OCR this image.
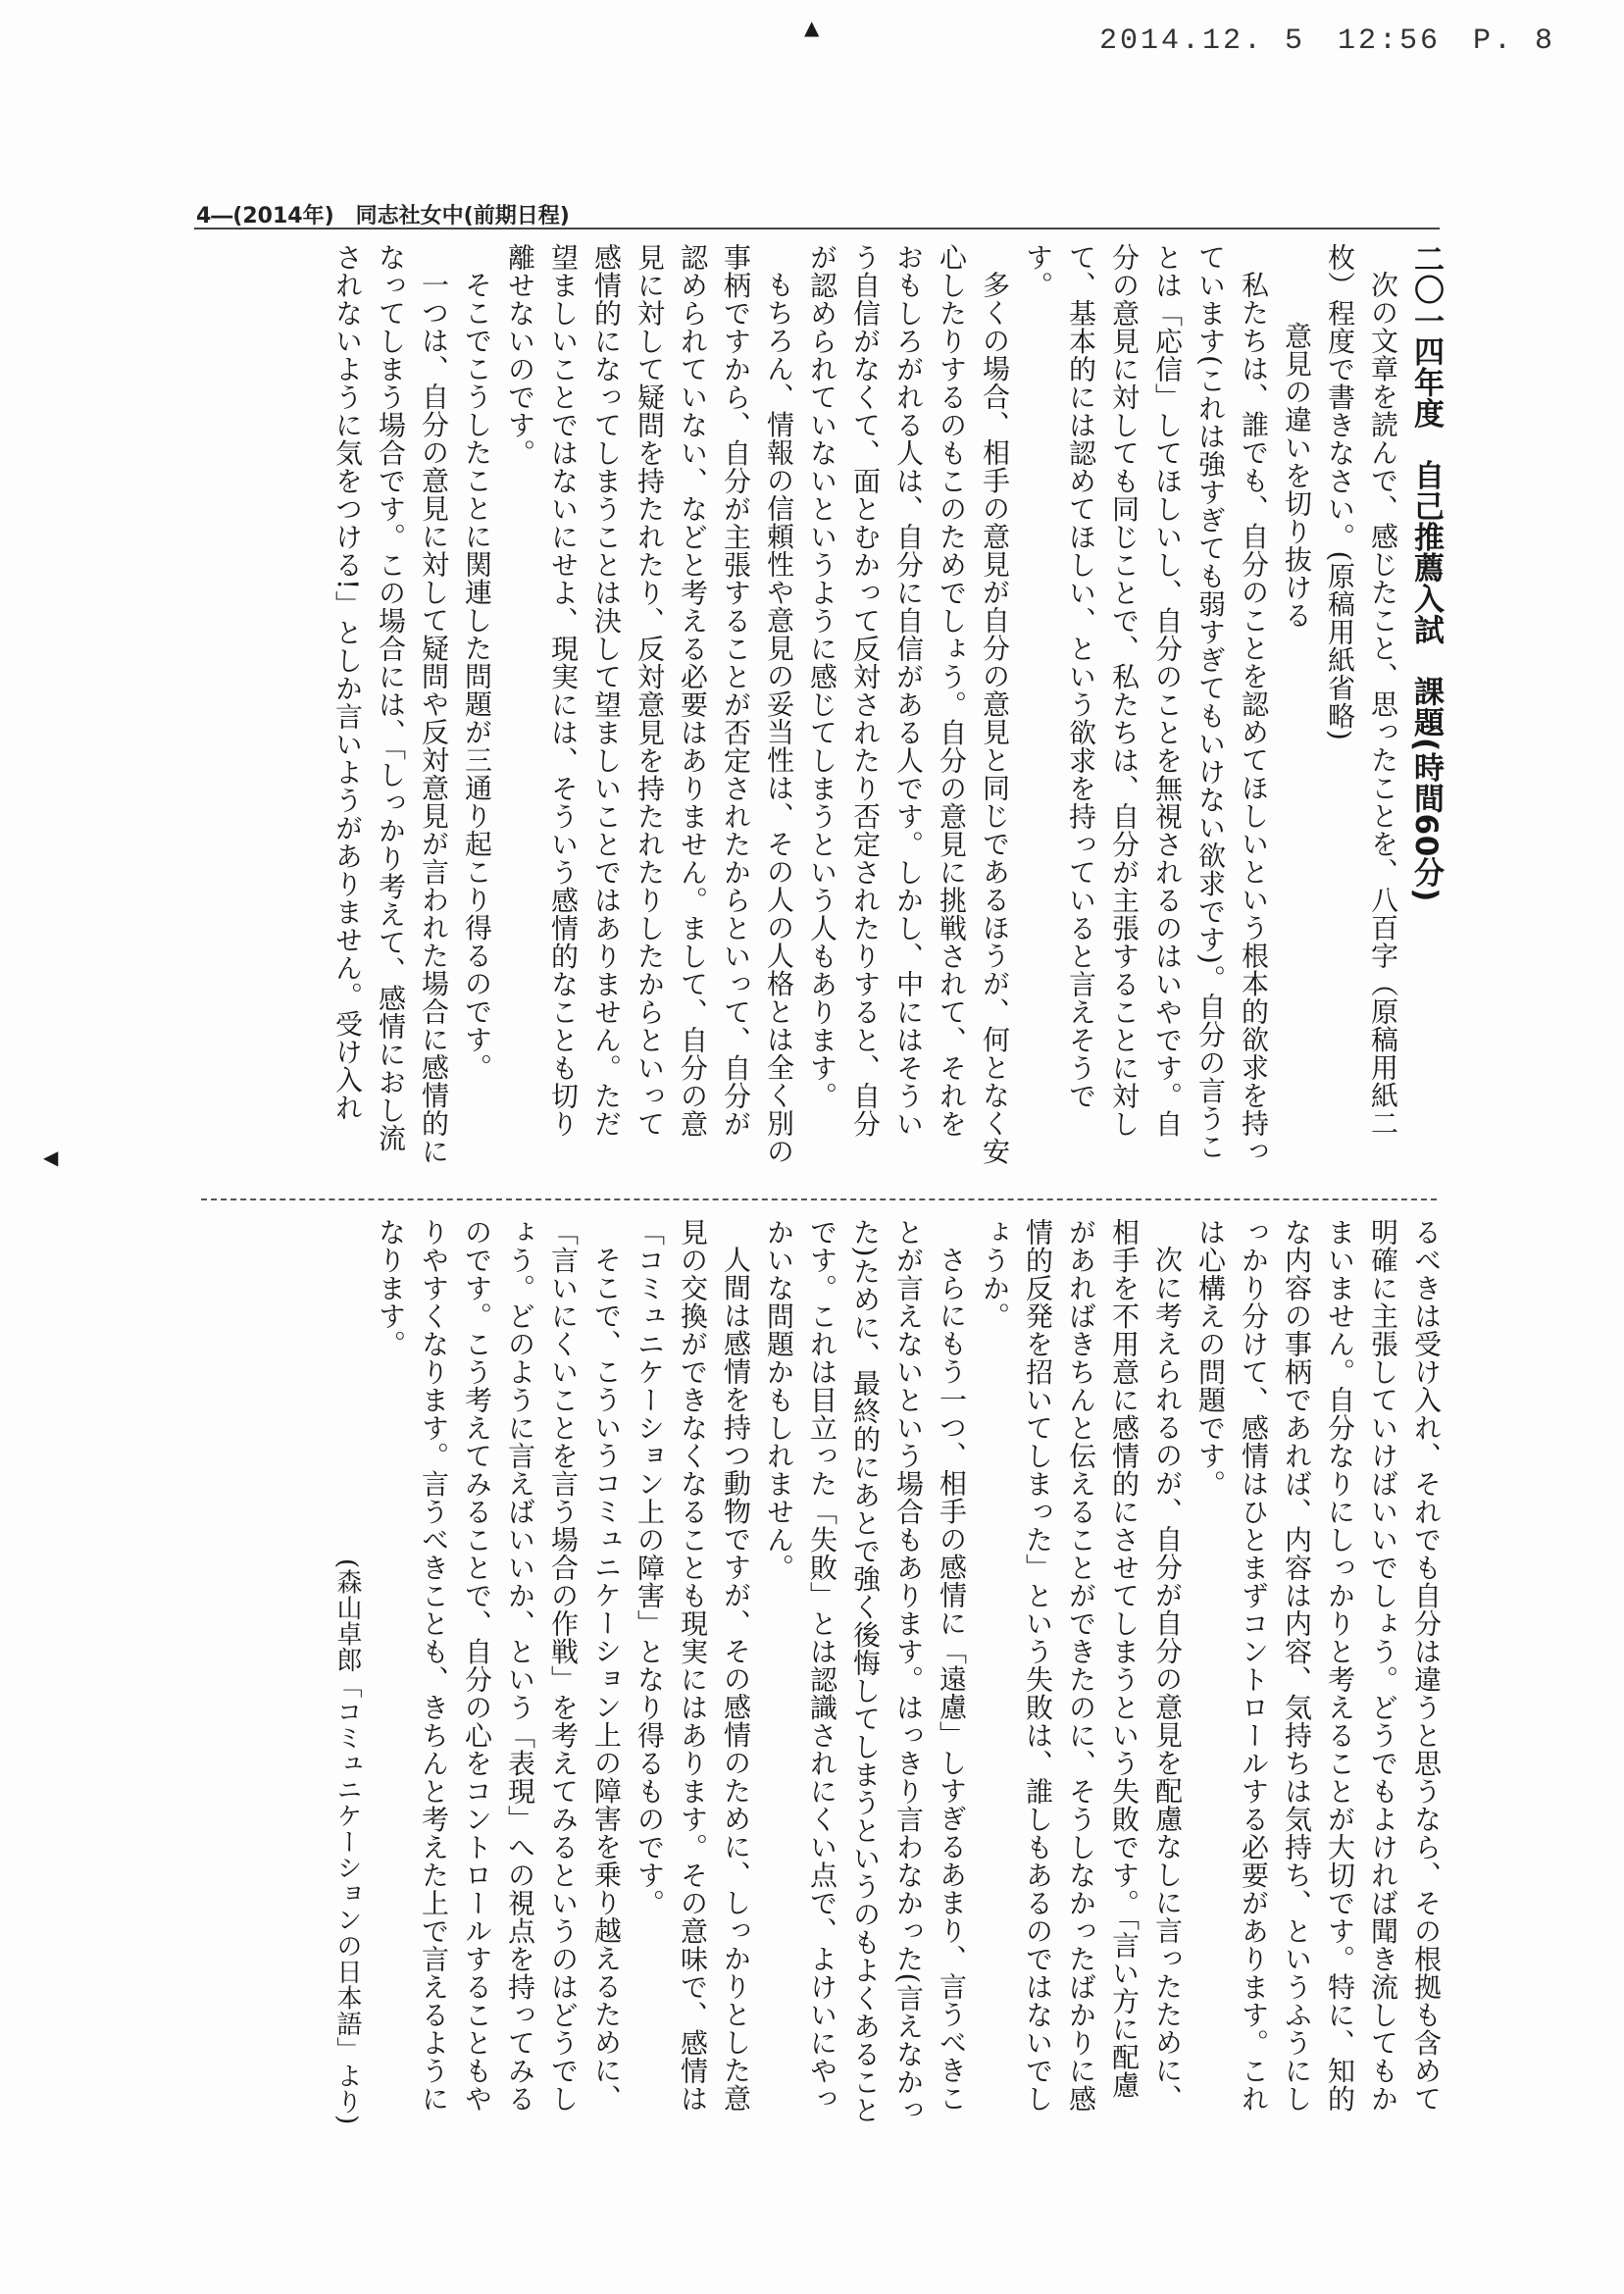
2014.12. 5　12:56　P. 8
▲
◀
4―(2014年)　同志社女中(前期日程)
二〇一四年度　自己推薦入試　課題(時間60分)
次の文章を読んで、感じたこと、思ったことを、八百字（原稿用紙二
枚）程度で書きなさい。(原稿用紙省略)
意見の違いを切り抜ける
私たちは、誰でも、自分のことを認めてほしいという根本的欲求を持っています(これは強すぎても弱すぎてもいけない欲求です)。自分の言うことは「応信」してほしいし、自分のことを無視されるのはいやです。自分の意見に対しても同じことで、私たちは、自分が主張することに対して、基本的には認めてほしい、という欲求を持っていると言えそうです。
多くの場合、相手の意見が自分の意見と同じであるほうが、何となく安心したりするのもこのためでしょう。自分の意見に挑戦されて、それをおもしろがれる人は、自分に自信がある人です。しかし、中にはそういう自信がなくて、面とむかって反対されたり否定されたりすると、自分が認められていないというように感じてしまうという人もあります。
もちろん、情報の信頼性や意見の妥当性は、その人の人格とは全く別の事柄ですから、自分が主張することが否定されたからといって、自分が認められていない、などと考える必要はありません。まして、自分の意見に対して疑問を持たれたり、反対意見を持たれたりしたからといって感情的になってしまうことは決して望ましいことではありません。ただ望ましいことではないにせよ、現実には、そういう感情的なことも切り離せないのです。
そこでこうしたことに関連した問題が三通り起こり得るのです。
一つは、自分の意見に対して疑問や反対意見が言われた場合に感情的になってしまう場合です。この場合には、「しっかり考えて、感情におし流されないように気をつける!」としか言いようがありません。受け入れ
るべきは受け入れ、それでも自分は違うと思うなら、その根拠も含めて明確に主張していけばいいでしょう。どうでもよければ聞き流してもかまいません。自分なりにしっかりと考えることが大切です。特に、知的な内容の事柄であれば、内容は内容、気持ちは気持ち、というふうにしっかり分けて、感情はひとまずコントロールする必要があります。これは心構えの問題です。
次に考えられるのが、自分が自分の意見を配慮なしに言ったために、相手を不用意に感情的にさせてしまうという失敗です。「言い方に配慮があればきちんと伝えることができたのに、そうしなかったばかりに感情的反発を招いてしまった」という失敗は、誰しもあるのではないでしょうか。
さらにもう一つ、相手の感情に「遠慮」しすぎるあまり、言うべきことが言えないという場合もあります。はっきり言わなかった(言えなかった)ために、最終的にあとで強く後悔してしまうというのもよくあることです。これは目立った「失敗」とは認識されにくい点で、よけいにやっかいな問題かもしれません。
人間は感情を持つ動物ですが、その感情のために、しっかりとした意見の交換ができなくなることも現実にはあります。その意味で、感情は「コミュニケーション上の障害」となり得るものです。
そこで、こういうコミュニケーション上の障害を乗り越えるために、「言いにくいことを言う場合の作戦」を考えてみるというのはどうでしょう。どのように言えばいいか、という「表現」への視点を持ってみるのです。こう考えてみることで、自分の心をコントロールすることもやりやすくなります。言うべきことも、きちんと考えた上で言えるようになります。
(森山卓郎「コミュニケーションの日本語」より)
